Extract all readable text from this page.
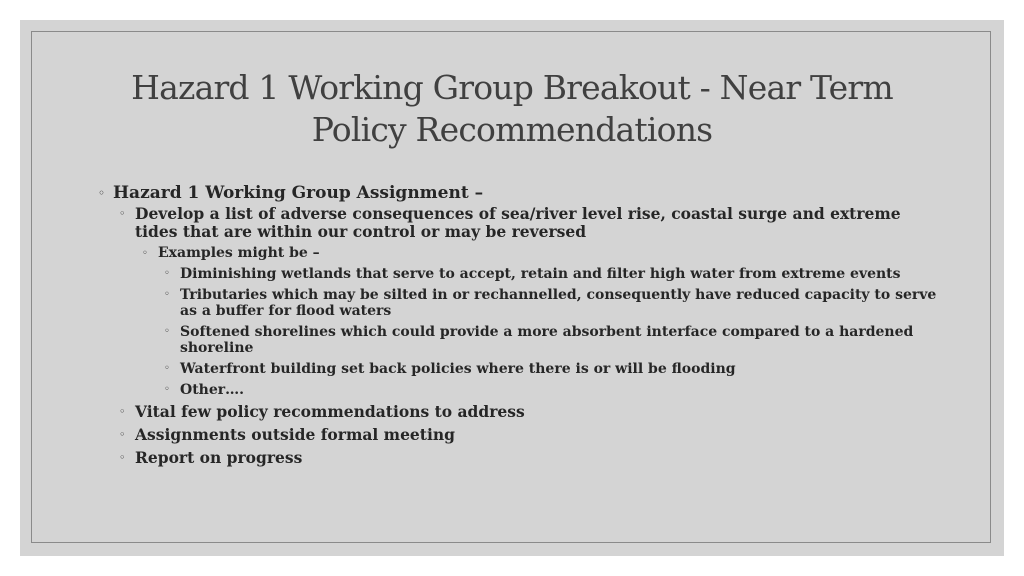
Hazard 1 Working Group Breakout - Near Term Policy Recommendations
◦ Hazard 1 Working Group Assignment –
◦ Develop a list of adverse consequences of sea/river level rise, coastal surge and extreme tides that are within our control or may be reversed
◦ Examples might be –
◦ Diminishing wetlands that serve to accept, retain and filter high water from extreme events
◦ Tributaries which may be silted in or rechannelled, consequently have reduced capacity to serve as a buffer for flood waters
◦ Softened shorelines which could provide a more absorbent interface compared to a hardened shoreline
◦ Waterfront building set back policies where there is or will be flooding
◦ Other….
◦ Vital few policy recommendations to address
◦ Assignments outside formal meeting
◦ Report on progress
